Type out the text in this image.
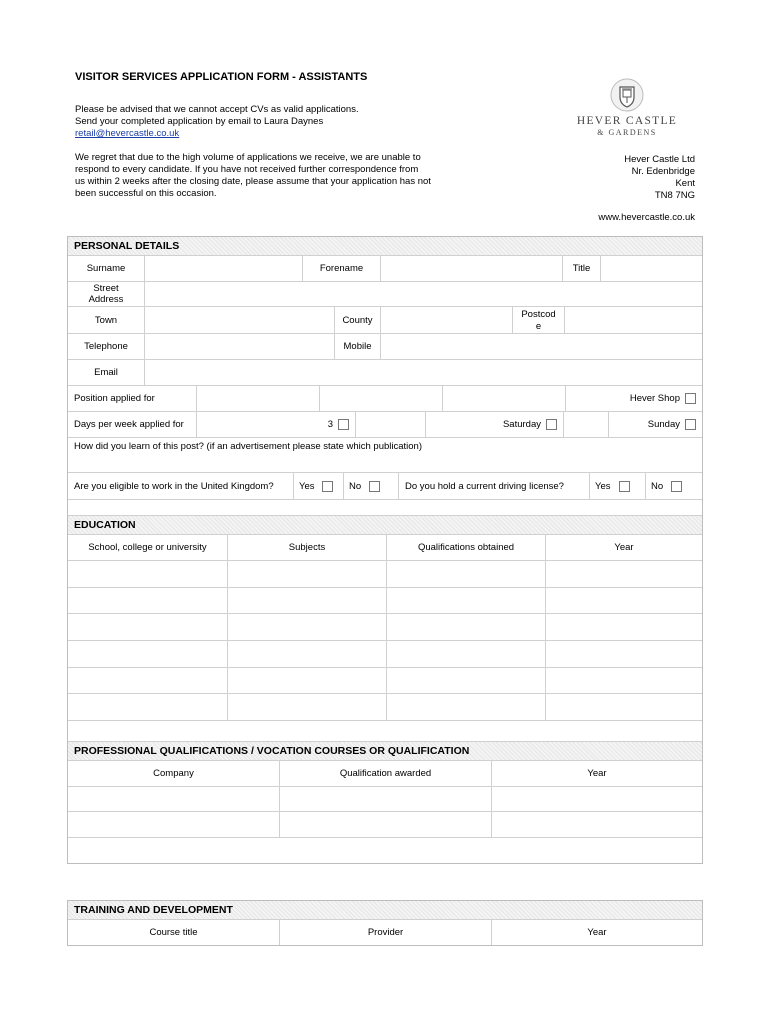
VISITOR SERVICES APPLICATION FORM - ASSISTANTS
Please be advised that we cannot accept CVs as valid applications.
Send your completed application by email to Laura Daynes
retail@hevercastle.co.uk
We regret that due to the high volume of applications we receive, we are unable to
respond to every candidate. If you have not received further correspondence from
us within 2 weeks after the closing date, please assume that your application has not
been successful on this occasion.
HEVER CASTLE
& GARDENS
Hever Castle Ltd
Nr. Edenbridge
Kent
TN8 7NG
www.hevercastle.co.uk
PERSONAL DETAILS
Surname	Forename	Title
Street
Address
Town	County	Postcod
e
Telephone	Mobile
Email
Position applied for	Hever Shop
Days per week applied for	3	Saturday	Sunday
How did you learn of this post? (if an advertisement please state which publication)
Are you eligible to work in the United Kingdom?	Yes	No	Do you hold a current driving license?	Yes	No
EDUCATION
School, college or university	Subjects	Qualifications obtained	Year
PROFESSIONAL QUALIFICATIONS / VOCATION COURSES OR QUALIFICATION
Company	Qualification awarded	Year
TRAINING AND DEVELOPMENT
Course title	Provider	Year
